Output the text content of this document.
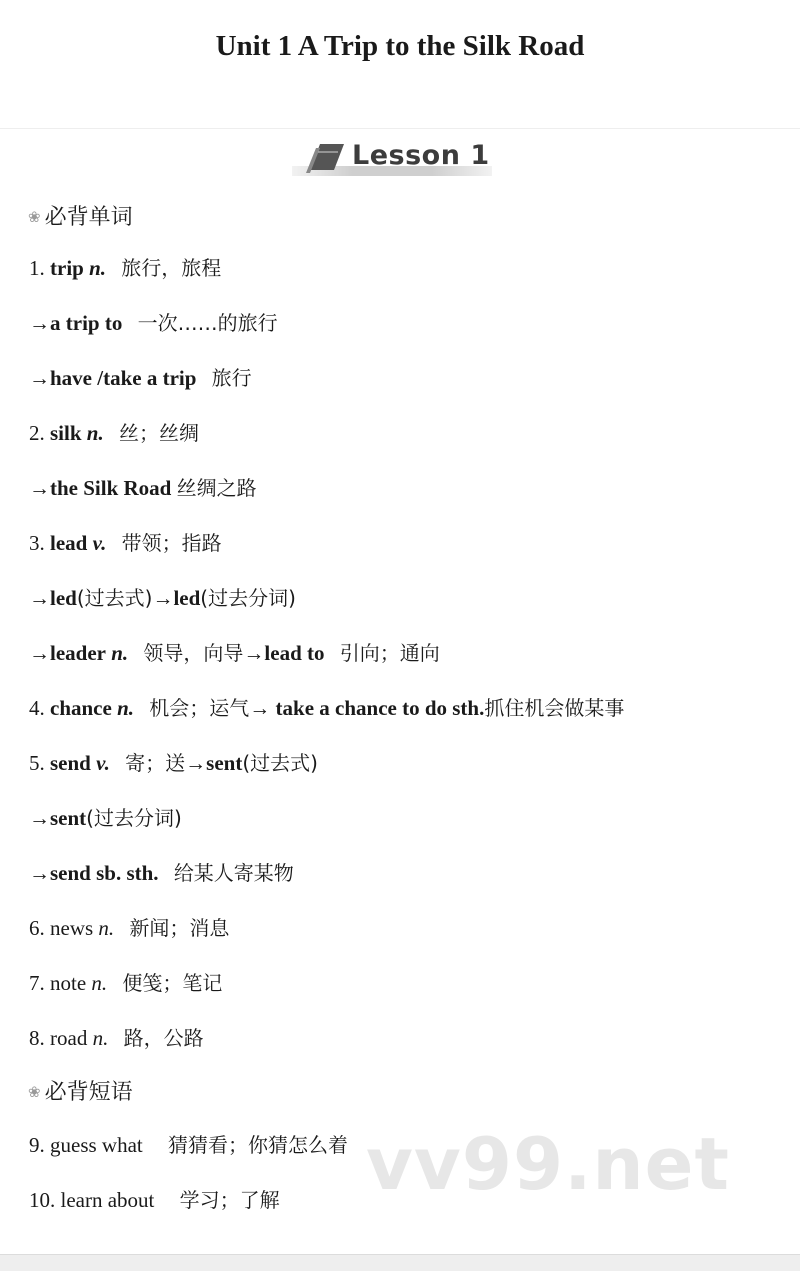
Unit 1 A Trip to the Silk Road
Lesson 1
❀ 必背单词
1. trip n. 旅行，旅程
→a trip to 一次……的旅行
→have /take a trip 旅行
2. silk n. 丝；丝绸
→the Silk Road 丝绸之路
3. lead v. 带领；指路
→led(过去式)→led(过去分词)
→leader n. 领导，向导→lead to 引向；通向
4. chance n. 机会；运气→ take a chance to do sth.抓住机会做某事
5. send v. 寄；送→sent(过去式)
→sent(过去分词)
→send sb. sth. 给某人寄某物
6. news n. 新闻；消息
7. note n. 便笺；笔记
8. road n. 路，公路
❀ 必背短语
vv99.net
9. guess what 猜猜看；你猜怎么着
10. learn about 学习；了解
